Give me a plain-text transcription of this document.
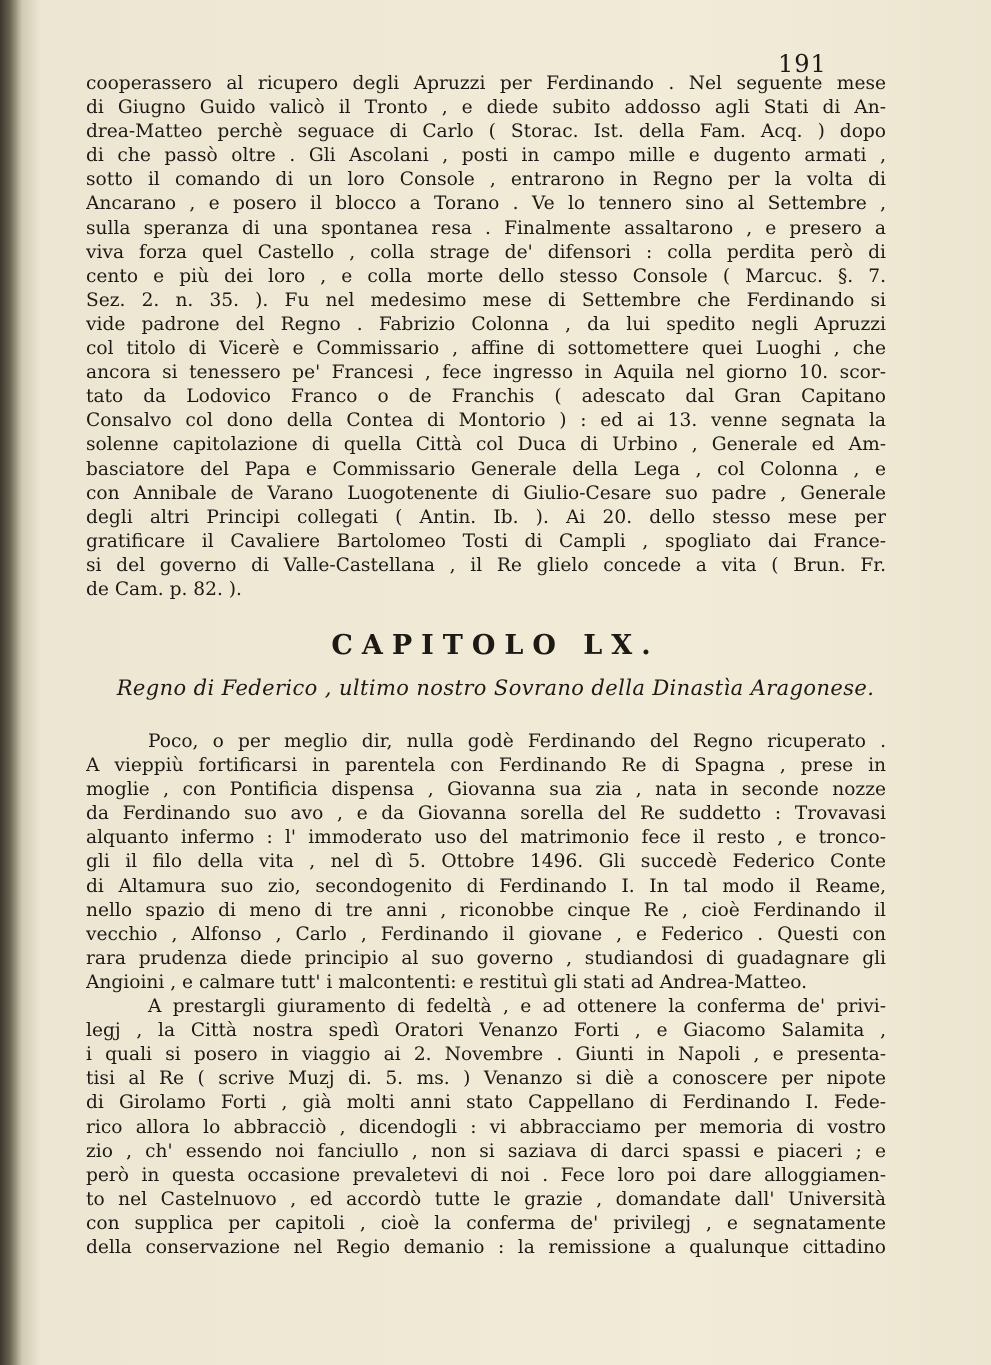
191
cooperassero al ricupero degli Apruzzi per Ferdinando . Nel seguente mese
di Giugno Guido valicò il Tronto , e diede subito addosso agli Stati di An-
drea-Matteo perchè seguace di Carlo ( Storac. Ist. della Fam. Acq. ) dopo
di che passò oltre . Gli Ascolani , posti in campo mille e dugento armati ,
sotto il comando di un loro Console , entrarono in Regno per la volta di
Ancarano , e posero il blocco a Torano . Ve lo tennero sino al Settembre ,
sulla speranza di una spontanea resa . Finalmente assaltarono , e presero a
viva forza quel Castello , colla strage de' difensori : colla perdita però di
cento e più dei loro , e colla morte dello stesso Console ( Marcuc. §. 7.
Sez. 2. n. 35. ). Fu nel medesimo mese di Settembre che Ferdinando si
vide padrone del Regno . Fabrizio Colonna , da lui spedito negli Apruzzi
col titolo di Vicerè e Commissario , affine di sottomettere quei Luoghi , che
ancora si tenessero pe' Francesi , fece ingresso in Aquila nel giorno 10. scor-
tato da Lodovico Franco o de Franchis ( adescato dal Gran Capitano
Consalvo col dono della Contea di Montorio ) : ed ai 13. venne segnata la
solenne capitolazione di quella Città col Duca di Urbino , Generale ed Am-
basciatore del Papa e Commissario Generale della Lega , col Colonna , e
con Annibale de Varano Luogotenente di Giulio-Cesare suo padre , Generale
degli altri Principi collegati ( Antin. Ib. ). Ai 20. dello stesso mese per
gratificare il Cavaliere Bartolomeo Tosti di Campli , spogliato dai France-
si del governo di Valle-Castellana , il Re glielo concede a vita ( Brun. Fr.
de Cam. p. 82. ).
CAPITOLO LX.
Regno di Federico , ultimo nostro Sovrano della Dinastìa Aragonese.
Poco, o per meglio dir, nulla godè Ferdinando del Regno ricuperato .
A vieppiù fortificarsi in parentela con Ferdinando Re di Spagna , prese in
moglie , con Pontificia dispensa , Giovanna sua zia , nata in seconde nozze
da Ferdinando suo avo , e da Giovanna sorella del Re suddetto : Trovavasi
alquanto infermo : l' immoderato uso del matrimonio fece il resto , e tronco-
gli il filo della vita , nel dì 5. Ottobre 1496. Gli succedè Federico Conte
di Altamura suo zio, secondogenito di Ferdinando I. In tal modo il Reame,
nello spazio di meno di tre anni , riconobbe cinque Re , cioè Ferdinando il
vecchio , Alfonso , Carlo , Ferdinando il giovane , e Federico . Questi con
rara prudenza diede principio al suo governo , studiandosi di guadagnare gli
Angioini , e calmare tutt' i malcontenti: e restituì gli stati ad Andrea-Matteo.
A prestargli giuramento di fedeltà , e ad ottenere la conferma de' privi-
legj , la Città nostra spedì Oratori Venanzo Forti , e Giacomo Salamita ,
i quali si posero in viaggio ai 2. Novembre . Giunti in Napoli , e presenta-
tisi al Re ( scrive Muzj di. 5. ms. ) Venanzo si diè a conoscere per nipote
di Girolamo Forti , già molti anni stato Cappellano di Ferdinando I. Fede-
rico allora lo abbracciò , dicendogli : vi abbracciamo per memoria di vostro
zio , ch' essendo noi fanciullo , non si saziava di darci spassi e piaceri ; e
però in questa occasione prevaletevi di noi . Fece loro poi dare alloggiamen-
to nel Castelnuovo , ed accordò tutte le grazie , domandate dall' Università
con supplica per capitoli , cioè la conferma de' privilegj , e segnatamente
della conservazione nel Regio demanio : la remissione a qualunque cittadino
